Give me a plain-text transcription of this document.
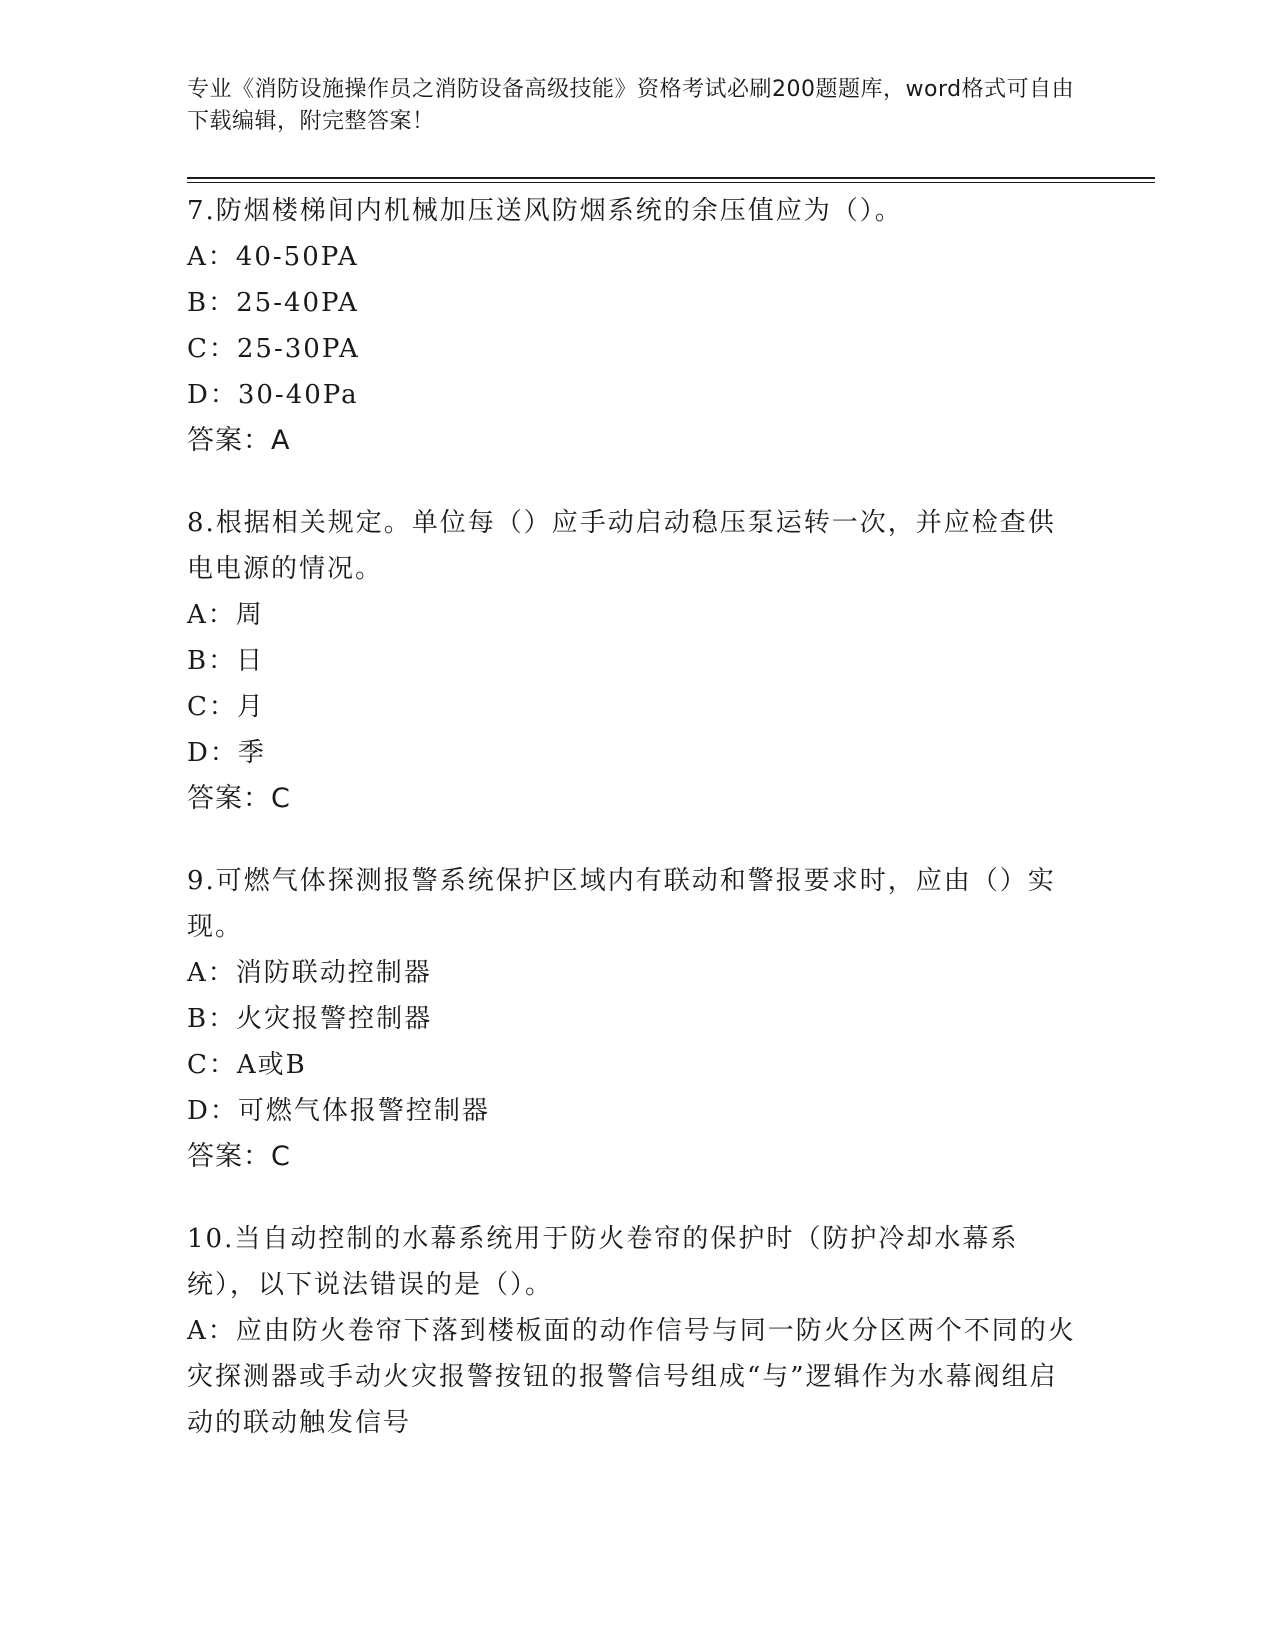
专业《消防设施操作员之消防设备高级技能》资格考试必刷200题题库，word格式可自由下载编辑，附完整答案！
7.防烟楼梯间内机械加压送风防烟系统的余压值应为（）。
A：40-50PA
B：25-40PA
C：25-30PA
D：30-40Pa
答案：A
8.根据相关规定。单位每（）应手动启动稳压泵运转一次，并应检查供电电源的情况。
A：周
B：日
C：月
D：季
答案：C
9.可燃气体探测报警系统保护区域内有联动和警报要求时，应由（）实现。
A：消防联动控制器
B：火灾报警控制器
C：A或B
D：可燃气体报警控制器
答案：C
10.当自动控制的水幕系统用于防火卷帘的保护时（防护冷却水幕系统），以下说法错误的是（）。
A：应由防火卷帘下落到楼板面的动作信号与同一防火分区两个不同的火灾探测器或手动火灾报警按钮的报警信号组成“与”逻辑作为水幕阀组启动的联动触发信号
